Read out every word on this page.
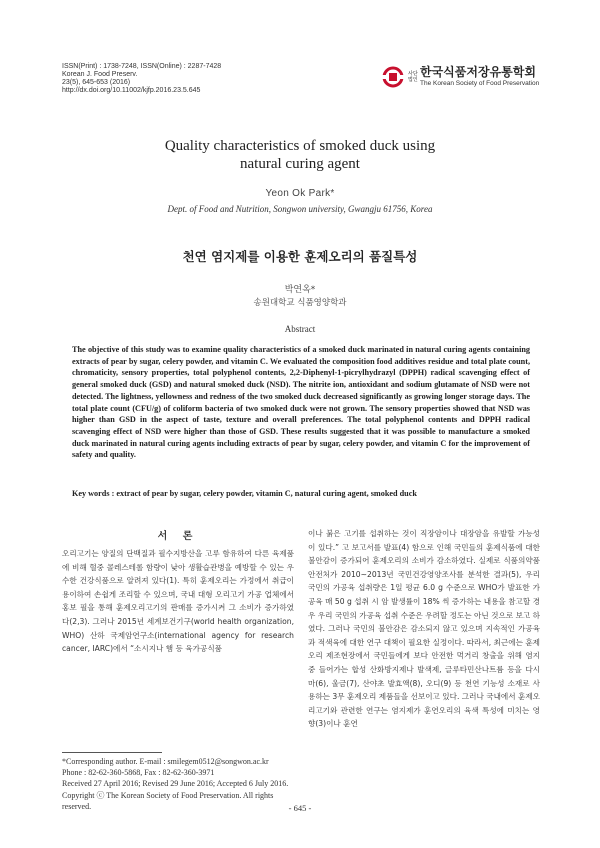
ISSN(Print) : 1738-7248, ISSN(Online) : 2287-7428
Korean J. Food Preserv.
23(5), 645-653 (2016)
http://dx.doi.org/10.11002/kjfp.2016.23.5.645
사단 법인
한국식품저장유통학회
The Korean Society of Food Preservation
Quality characteristics of smoked duck using
natural curing agent
Yeon Ok Park*
Dept. of Food and Nutrition, Songwon university, Gwangju 61756, Korea
천연 염지제를 이용한 훈제오리의 품질특성
박연옥*
송원대학교 식품영양학과
Abstract
The objective of this study was to examine quality characteristics of a smoked duck marinated in natural curing agents containing extracts of pear by sugar, celery powder, and vitamin C. We evaluated the composition food additives residue and total plate count, chromaticity, sensory properties, total polyphenol contents, 2,2-Diphenyl-1-picrylhydrazyl (DPPH) radical scavenging effect of general smoked duck (GSD) and natural smoked duck (NSD). The nitrite ion, antioxidant and sodium glutamate of NSD were not detected. The lightness, yellowness and redness of the two smoked duck decreased significantly as growing longer storage days. The total plate count (CFU/g) of coliform bacteria of two smoked duck were not grown. The sensory properties showed that NSD was higher than GSD in the aspect of taste, texture and overall preferences. The total polyphenol contents and DPPH radical scavenging effect of NSD were higher than those of GSD. These results suggested that it was possible to manufacture a smoked duck marinated in natural curing agents including extracts of pear by sugar, celery powder, and vitamin C for the improvement of safety and quality.
Key words : extract of pear by sugar, celery powder, vitamin C, natural curing agent, smoked duck
서 론
오리고기는 양질의 단백질과 필수지방산을 고루 함유하여 다른 육제품에 비해 혈중 콜레스테롤 함량이 낮아 생활습관병을 예방할 수 있는 우수한 건강식품으로 알려져 있다(1). 특히 훈제오리는 가정에서 취급이 용이하여 손쉽게 조리할 수 있으며, 국내 대형 오리고기 가공 업체에서 홍보 필을 통해 훈제오리고기의 판매를 증가시켜 그 소비가 증가하였다(2,3). 그러나 2015년 세계보건기구(world health organization, WHO) 산하 국제암연구소(international agency for research cancer, IARC)에서 “소시지나 햄 등 육가공식품
이나 붉은 고기를 섭취하는 것이 직장암이나 대장암을 유발할 가능성이 있다.” 고 보고서를 발표(4) 함으로 인해 국민들의 훈제식품에 대한 불안감이 증가되어 훈제오리의 소비가 감소하였다. 실제로 식품의약품안전처가 2010~2013년 국민건강영양조사를 분석한 결과(5), 우리 국민의 가공육 섭취량은 1일 평균 6.0 g 수준으로 WHO가 발표한 가공육 매 50 g 섭취 시 암 발생률이 18% 씩 증가하는 내용을 참고할 경우 우리 국민의 가공육 섭취 수준은 우려할 정도는 아닌 것으로 보고 하였다. 그러나 국민의 불안감은 감소되지 않고 있으며 지속적인 가공육과 적색육에 대한 연구 대책이 필요한 실정이다. 따라서, 최근에는 훈제오리 제조현장에서 국민들에게 보다 안전한 먹거리 창출을 위해 염지중 들어가는 합성 산화방지제나 발색제, 글루타민산나트륨 등을 다시마(6), 울금(7), 산야초 발효액(8), 오디(9) 등 천연 기능성 소재로 사용하는 3무 훈제오리 제품들을 선보이고 있다. 그러나 국내에서 훈제오리고기와 관련한 연구는 염지제가 훈연오리의 육색 특성에 미치는 영향(3)이나 훈연
*Corresponding author. E-mail : smilegem0512@songwon.ac.kr
Phone : 82-62-360-5868, Fax : 82-62-360-3971
Received 27 April 2016; Revised 29 June 2016; Accepted 6 July 2016.
Copyright ⓒ The Korean Society of Food Preservation. All rights reserved.	- 645 -
